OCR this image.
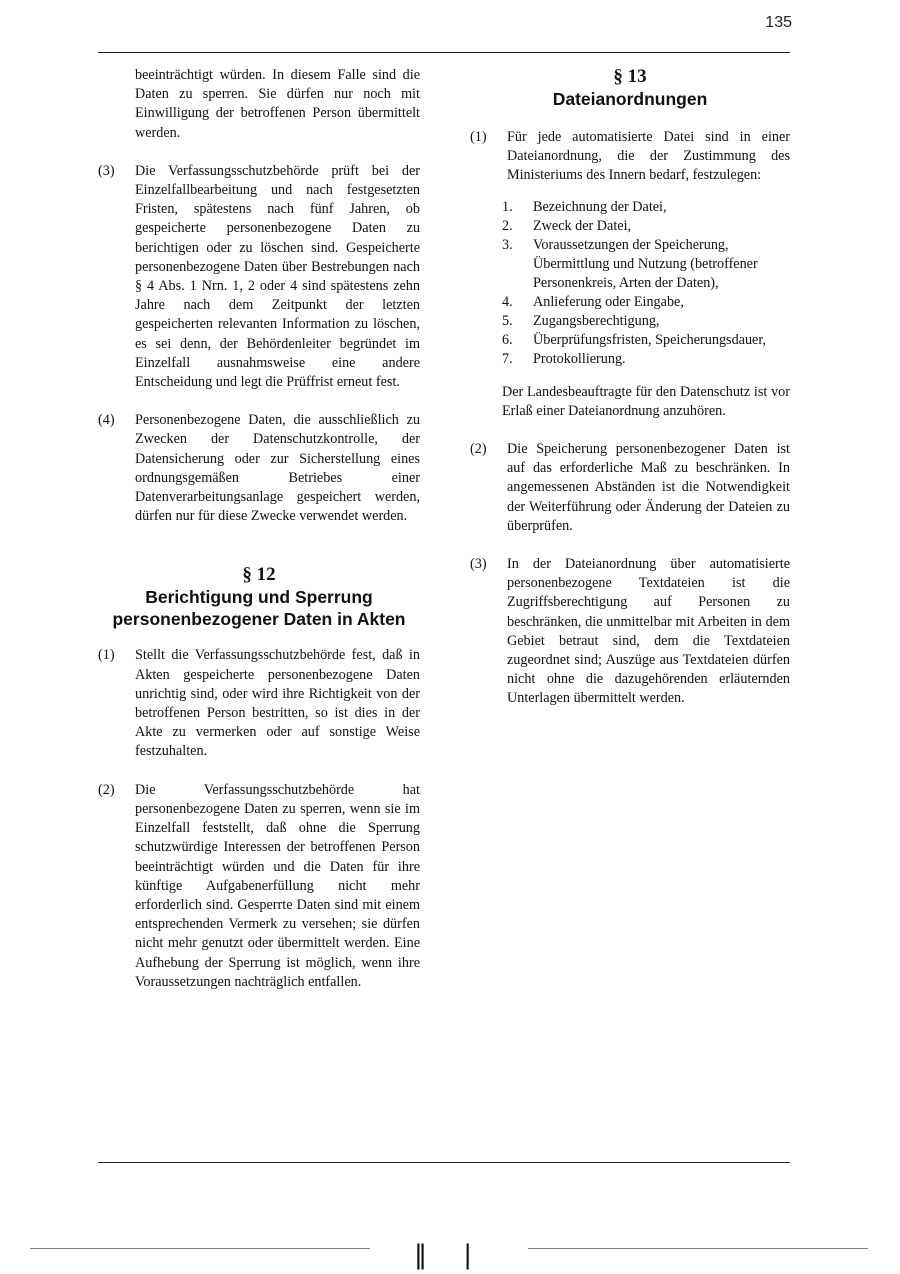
135
beeinträchtigt würden. In diesem Falle sind die Daten zu sperren. Sie dürfen nur noch mit Einwilligung der betroffenen Person übermittelt werden.
(3) Die Verfassungsschutzbehörde prüft bei der Einzelfallbearbeitung und nach festgesetzten Fristen, spätestens nach fünf Jahren, ob gespeicherte personenbezogene Daten zu berichtigen oder zu löschen sind. Gespeicherte personenbezogene Daten über Bestrebungen nach § 4 Abs. 1 Nrn. 1, 2 oder 4 sind spätestens zehn Jahre nach dem Zeitpunkt der letzten gespeicherten relevanten Information zu löschen, es sei denn, der Behördenleiter begründet im Einzelfall ausnahmsweise eine andere Entscheidung und legt die Prüffrist erneut fest.
(4) Personenbezogene Daten, die ausschließlich zu Zwecken der Datenschutzkontrolle, der Datensicherung oder zur Sicherstellung eines ordnungsgemäßen Betriebes einer Datenverarbeitungsanlage gespeichert werden, dürfen nur für diese Zwecke verwendet werden.
§ 12
Berichtigung und Sperrung
personenbezogener Daten in Akten
(1) Stellt die Verfassungsschutzbehörde fest, daß in Akten gespeicherte personenbezogene Daten unrichtig sind, oder wird ihre Richtigkeit von der betroffenen Person bestritten, so ist dies in der Akte zu vermerken oder auf sonstige Weise festzuhalten.
(2) Die Verfassungsschutzbehörde hat personenbezogene Daten zu sperren, wenn sie im Einzelfall feststellt, daß ohne die Sperrung schutzwürdige Interessen der betroffenen Person beeinträchtigt würden und die Daten für ihre künftige Aufgabenerfüllung nicht mehr erforderlich sind. Gesperrte Daten sind mit einem entsprechenden Vermerk zu versehen; sie dürfen nicht mehr genutzt oder übermittelt werden. Eine Aufhebung der Sperrung ist möglich, wenn ihre Voraussetzungen nachträglich entfallen.
§ 13
Dateianordnungen
(1) Für jede automatisierte Datei sind in einer Dateianordnung, die der Zustimmung des Ministeriums des Innern bedarf, festzulegen:
1. Bezeichnung der Datei,
2. Zweck der Datei,
3. Voraussetzungen der Speicherung, Übermittlung und Nutzung (betroffener Personenkreis, Arten der Daten),
4. Anlieferung oder Eingabe,
5. Zugangsberechtigung,
6. Überprüfungsfristen, Speicherungsdauer,
7. Protokollierung.
Der Landesbeauftragte für den Datenschutz ist vor Erlaß einer Dateianordnung anzuhören.
(2) Die Speicherung personenbezogener Daten ist auf das erforderliche Maß zu beschränken. In angemessenen Abständen ist die Notwendigkeit der Weiterführung oder Änderung der Dateien zu überprüfen.
(3) In der Dateianordnung über automatisierte personenbezogene Textdateien ist die Zugriffsberechtigung auf Personen zu beschränken, die unmittelbar mit Arbeiten in dem Gebiet betraut sind, dem die Textdateien zugeordnet sind; Auszüge aus Textdateien dürfen nicht ohne die dazugehörenden erläuternden Unterlagen übermittelt werden.
‖ |
